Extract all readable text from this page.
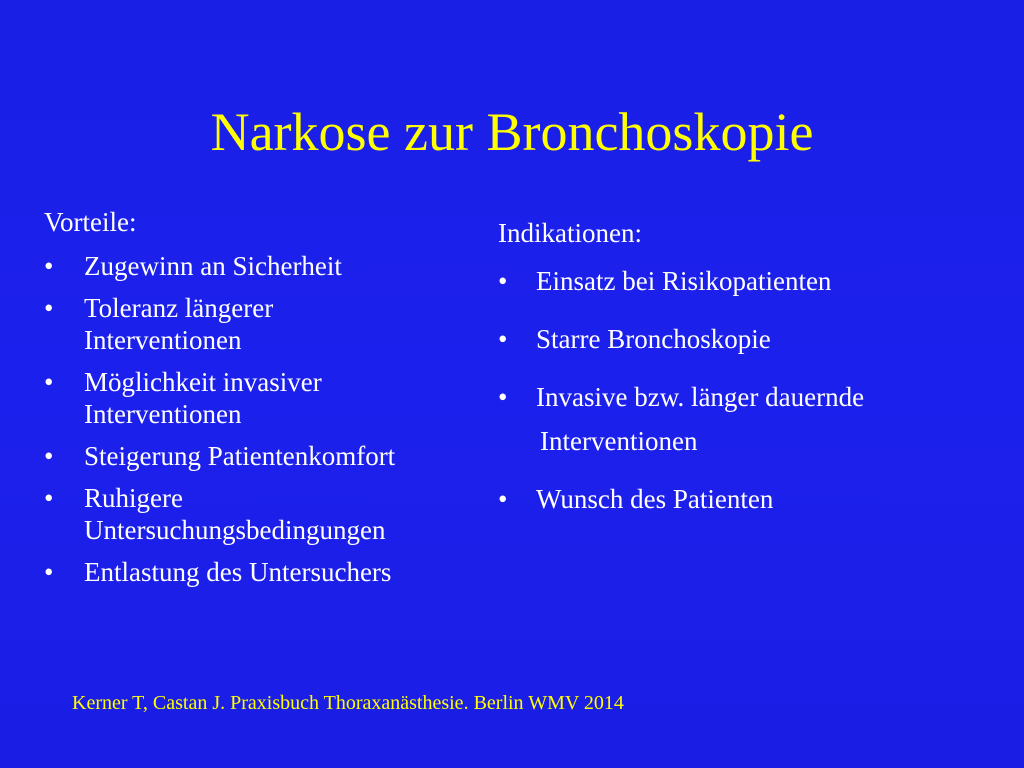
Narkose zur Bronchoskopie

Vorteile:

• Zugewinn an Sicherheit
• Toleranz längerer
Interventionen
• Möglichkeit invasiver
Interventionen
• Steigerung Patientenkomfort
• Ruhigere
Untersuchungsbedingungen
• Entlastung des Untersuchers

Indikationen:

• Einsatz bei Risikopatienten
• Starre Bronchoskopie
• Invasive bzw. länger dauernde
Interventionen
• Wunsch des Patienten
Kerner T, Castan J. Praxisbuch Thoraxanästhesie. Berlin WMV 2014
